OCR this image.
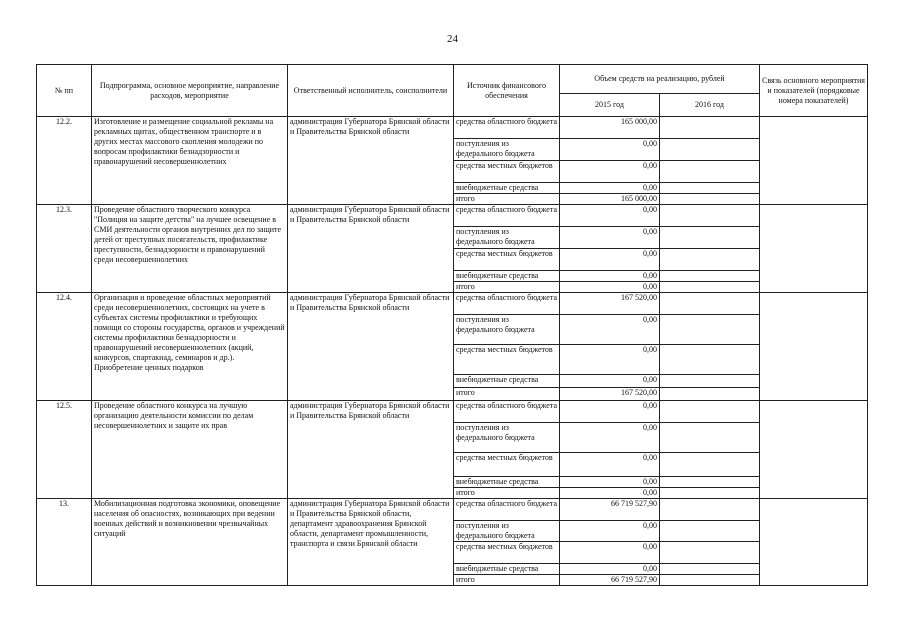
24
№ пп	Подпрограмма, основное мероприятие, направление расходов, мероприятие	Ответственный исполнитель, соисполнители	Источник финансового обеспечения	Объем средств на реализацию, рублей		Связь основного мероприятия и показателей (порядковые номера показателей)
				2015 год	2016 год	
12.2.	Изготовление и размещение социальной рекламы на рекламных щитах, общественном транспорте и в других местах массового скопления молодежи по вопросам профилактики безнадзорности и правонарушений несовершеннолетних	администрация Губернатора Брянской области и Правительства Брянской области	средства областного бюджета	165 000,00		
			поступления из федерального бюджета	0,00		
			средства местных бюджетов	0,00		
			внебюджетные средства	0,00		
			итого	165 000,00		
12.3.	Проведение областного творческого конкурса "Полиция на защите детства" на лучшее освещение в СМИ деятельности органов внутренних дел по защите детей от преступных посягательств, профилактике преступности, безнадзорности и правонарушений среди несовершеннолетних	администрация Губернатора Брянской области и Правительства Брянской области	средства областного бюджета	0,00		
			поступления из федерального бюджета	0,00		
			средства местных бюджетов	0,00		
			внебюджетные средства	0,00		
			итого	0,00		
12.4.	Организация и проведение областных мероприятий среди несовершеннолетних, состоящих на учете в субъектах системы профилактики и требующих помощи со стороны государства, органов и учреждений системы профилактики безнадзорности и правонарушений несовершеннолетних (акций, конкурсов, спартакиад, семинаров и др.). Приобретение ценных подарков	администрация Губернатора Брянской области и Правительства Брянской области	средства областного бюджета	167 520,00		
			поступления из федерального бюджета	0,00		
			средства местных бюджетов	0,00		
			внебюджетные средства	0,00		
			итого	167 520,00		
12.5.	Проведение областного конкурса на лучшую организацию деятельности комиссии по делам несовершеннолетних и защите их прав	администрация Губернатора Брянской области и Правительства Брянской области	средства областного бюджета	0,00		
			поступления из федерального бюджета	0,00		
			средства местных бюджетов	0,00		
			внебюджетные средства	0,00		
			итого	0,00		
13.	Мобилизационная подготовка экономики, оповещение населения об опасностях, возникающих при ведении военных действий и возникновении чрезвычайных ситуаций	администрация Губернатора Брянской области и Правительства Брянской области, департамент здравоохранения Брянской области, департамент промышленности, транспорта и связи Брянской области	средства областного бюджета	66 719 527,90		
			поступления из федерального бюджета	0,00		
			средства местных бюджетов	0,00		
			внебюджетные средства	0,00		
			итого	66 719 527,90		
